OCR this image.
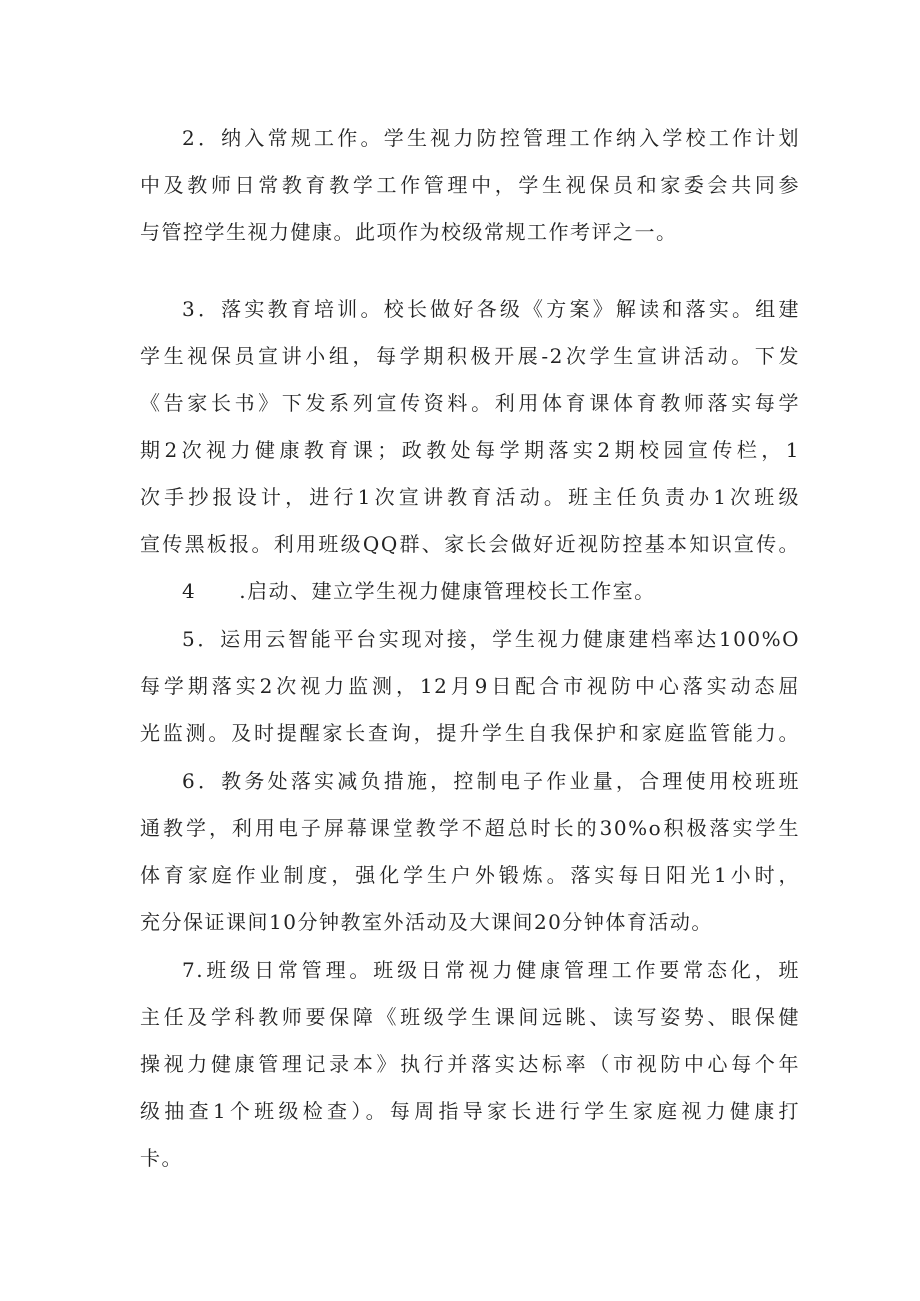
2．纳入常规工作。学生视力防控管理工作纳入学校工作计划
中及教师日常教育教学工作管理中，学生视保员和家委会共同参
与管控学生视力健康。此项作为校级常规工作考评之一。
3．落实教育培训。校长做好各级《方案》解读和落实。组建
学生视保员宣讲小组，每学期积极开展-2次学生宣讲活动。下发
《告家长书》下发系列宣传资料。利用体育课体育教师落实每学
期2次视力健康教育课；政教处每学期落实2期校园宣传栏，1
次手抄报设计，进行1次宣讲教育活动。班主任负责办1次班级
宣传黑板报。利用班级QQ群、家长会做好近视防控基本知识宣传。
4　　.启动、建立学生视力健康管理校长工作室。
5．运用云智能平台实现对接，学生视力健康建档率达100%O
每学期落实2次视力监测，12月9日配合市视防中心落实动态屈
光监测。及时提醒家长查询，提升学生自我保护和家庭监管能力。
6．教务处落实减负措施，控制电子作业量，合理使用校班班
通教学，利用电子屏幕课堂教学不超总时长的30%o积极落实学生
体育家庭作业制度，强化学生户外锻炼。落实每日阳光1小时，
充分保证课间10分钟教室外活动及大课间20分钟体育活动。
7.班级日常管理。班级日常视力健康管理工作要常态化，班
主任及学科教师要保障《班级学生课间远眺、读写姿势、眼保健
操视力健康管理记录本》执行并落实达标率（市视防中心每个年
级抽查1个班级检查）。每周指导家长进行学生家庭视力健康打
卡。
